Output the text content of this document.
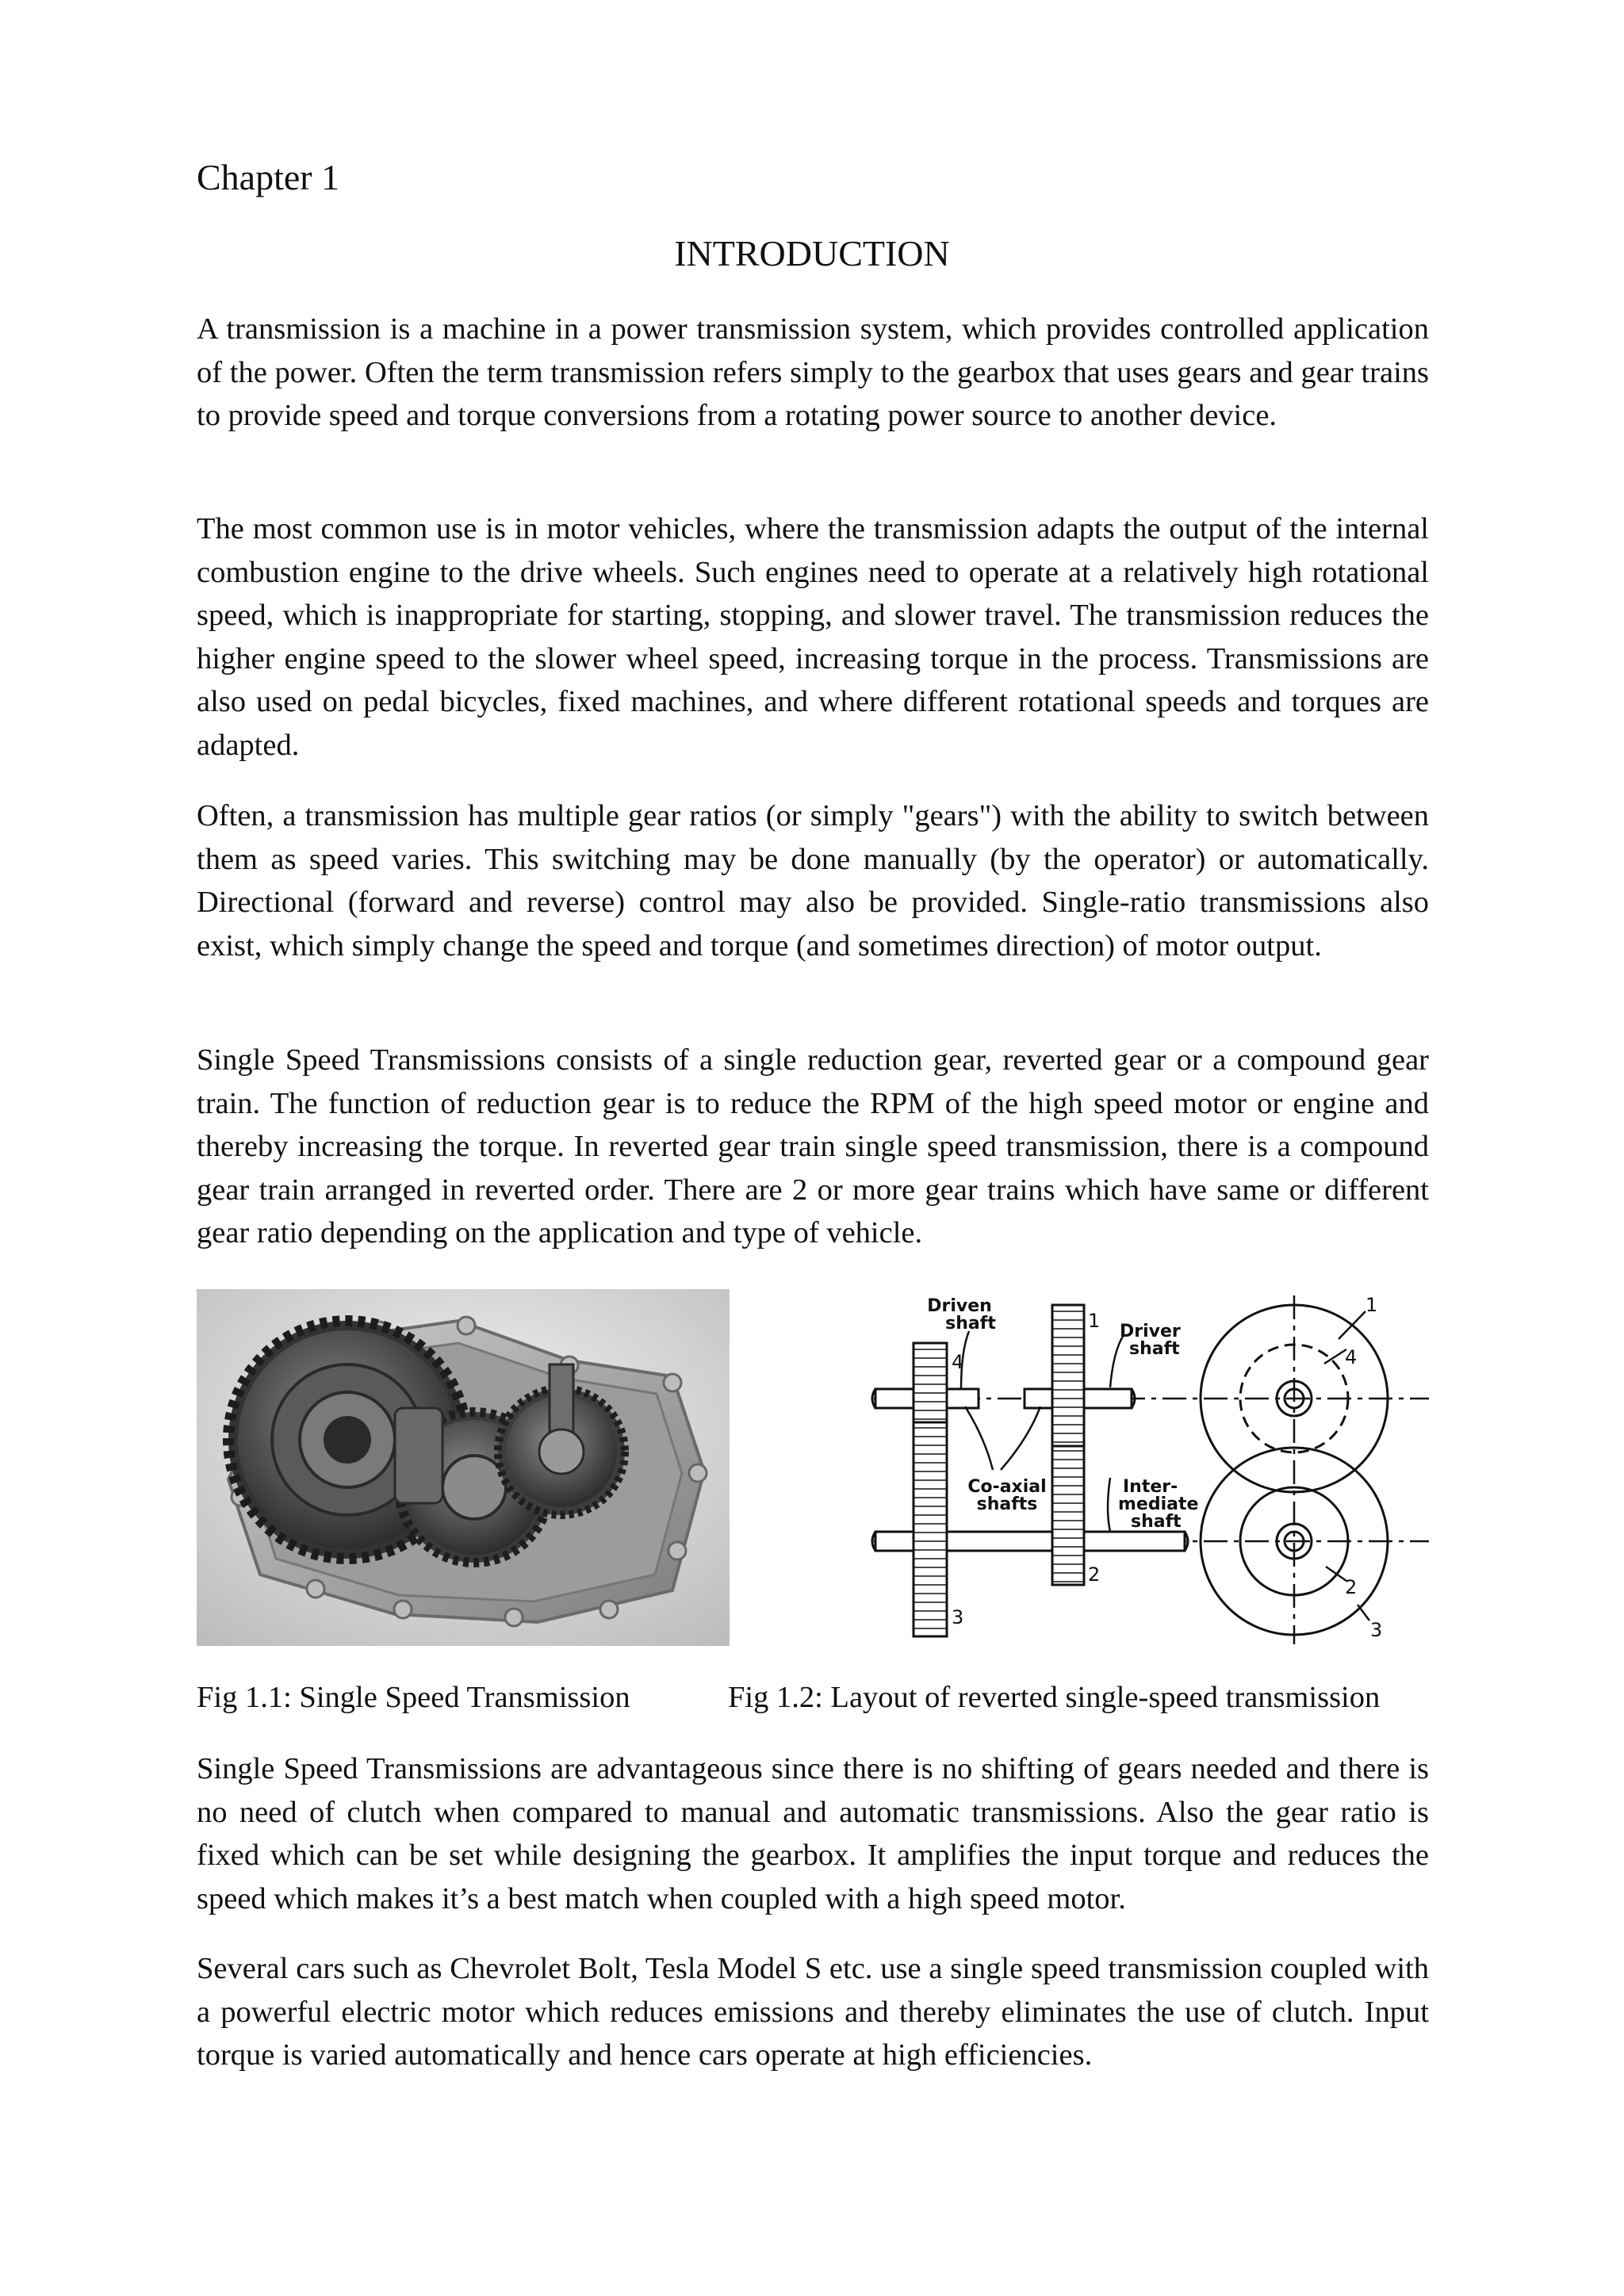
Chapter 1
INTRODUCTION

A transmission is a machine in a power transmission system, which provides controlled application of the power. Often the term transmission refers simply to the gearbox that uses gears and gear trains to provide speed and torque conversions from a rotating power source to another device.

The most common use is in motor vehicles, where the transmission adapts the output of the internal combustion engine to the drive wheels. Such engines need to operate at a relatively high rotational speed, which is inappropriate for starting, stopping, and slower travel. The transmission reduces the higher engine speed to the slower wheel speed, increasing torque in the process. Transmissions are also used on pedal bicycles, fixed machines, and where different rotational speeds and torques are adapted.

Often, a transmission has multiple gear ratios (or simply "gears") with the ability to switch between them as speed varies. This switching may be done manually (by the operator) or automatically. Directional (forward and reverse) control may also be provided. Single-ratio transmissions also exist, which simply change the speed and torque (and sometimes direction) of motor output.

Single Speed Transmissions consists of a single reduction gear, reverted gear or a compound gear train. The function of reduction gear is to reduce the RPM of the high speed motor or engine and thereby increasing the torque. In reverted gear train single speed transmission, there is a compound gear train arranged in reverted order. There are 2 or more gear trains which have same or different gear ratio depending on the application and type of vehicle.

Driven
shaft	Driver
shaft
Co-axial
shafts
Inter-
mediate
shaft
4
1
2
3
1
4
2
3

Fig 1.1: Single Speed Transmission	Fig 1.2: Layout of reverted single-speed transmission

Single Speed Transmissions are advantageous since there is no shifting of gears needed and there is no need of clutch when compared to manual and automatic transmissions. Also the gear ratio is fixed which can be set while designing the gearbox. It amplifies the input torque and reduces the speed which makes it’s a best match when coupled with a high speed motor.

Several cars such as Chevrolet Bolt, Tesla Model S etc. use a single speed transmission coupled with a powerful electric motor which reduces emissions and thereby eliminates the use of clutch. Input torque is varied automatically and hence cars operate at high efficiencies.
